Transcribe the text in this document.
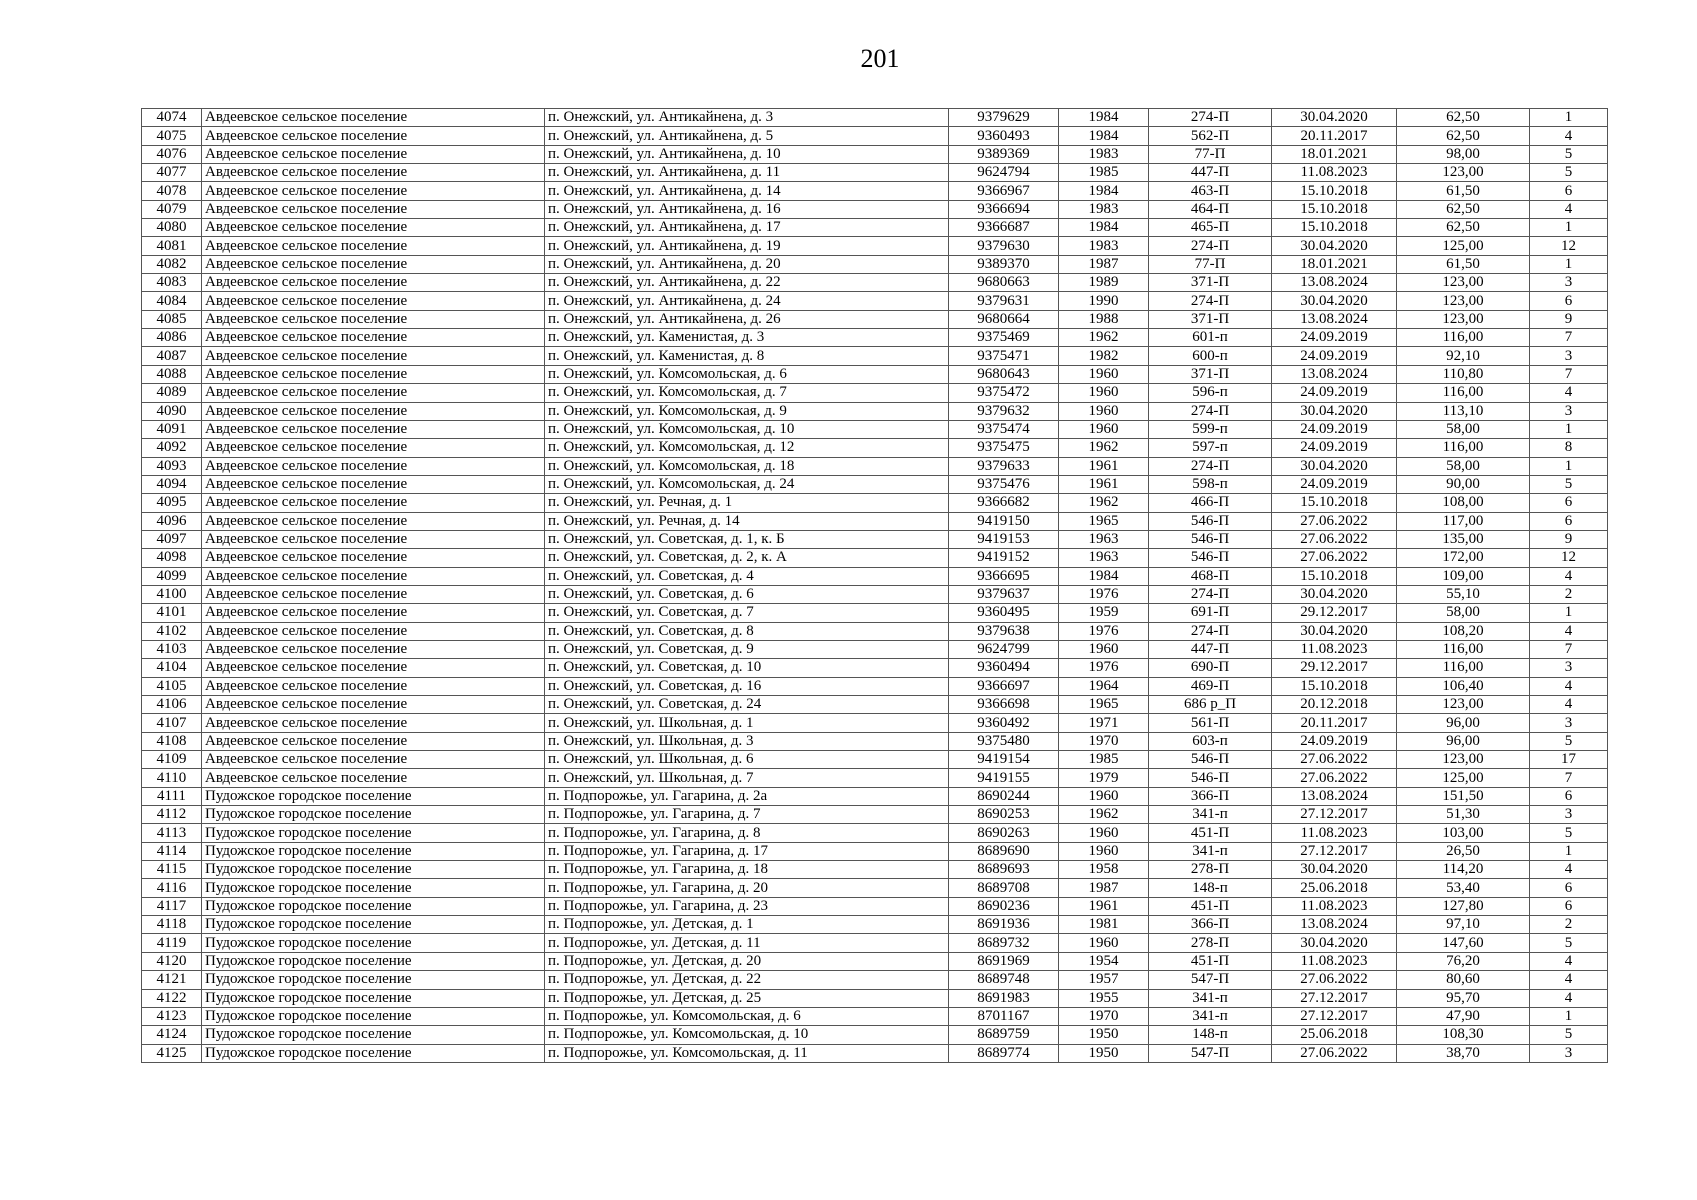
201
4074	Авдеевское сельское поселение	п. Онежский, ул. Антикайнена, д. 3	9379629	1984	274-П	30.04.2020	62,50	1
4075	Авдеевское сельское поселение	п. Онежский, ул. Антикайнена, д. 5	9360493	1984	562-П	20.11.2017	62,50	4
4076	Авдеевское сельское поселение	п. Онежский, ул. Антикайнена, д. 10	9389369	1983	77-П	18.01.2021	98,00	5
4077	Авдеевское сельское поселение	п. Онежский, ул. Антикайнена, д. 11	9624794	1985	447-П	11.08.2023	123,00	5
4078	Авдеевское сельское поселение	п. Онежский, ул. Антикайнена, д. 14	9366967	1984	463-П	15.10.2018	61,50	6
4079	Авдеевское сельское поселение	п. Онежский, ул. Антикайнена, д. 16	9366694	1983	464-П	15.10.2018	62,50	4
4080	Авдеевское сельское поселение	п. Онежский, ул. Антикайнена, д. 17	9366687	1984	465-П	15.10.2018	62,50	1
4081	Авдеевское сельское поселение	п. Онежский, ул. Антикайнена, д. 19	9379630	1983	274-П	30.04.2020	125,00	12
4082	Авдеевское сельское поселение	п. Онежский, ул. Антикайнена, д. 20	9389370	1987	77-П	18.01.2021	61,50	1
4083	Авдеевское сельское поселение	п. Онежский, ул. Антикайнена, д. 22	9680663	1989	371-П	13.08.2024	123,00	3
4084	Авдеевское сельское поселение	п. Онежский, ул. Антикайнена, д. 24	9379631	1990	274-П	30.04.2020	123,00	6
4085	Авдеевское сельское поселение	п. Онежский, ул. Антикайнена, д. 26	9680664	1988	371-П	13.08.2024	123,00	9
4086	Авдеевское сельское поселение	п. Онежский, ул. Каменистая, д. 3	9375469	1962	601-п	24.09.2019	116,00	7
4087	Авдеевское сельское поселение	п. Онежский, ул. Каменистая, д. 8	9375471	1982	600-п	24.09.2019	92,10	3
4088	Авдеевское сельское поселение	п. Онежский, ул. Комсомольская, д. 6	9680643	1960	371-П	13.08.2024	110,80	7
4089	Авдеевское сельское поселение	п. Онежский, ул. Комсомольская, д. 7	9375472	1960	596-п	24.09.2019	116,00	4
4090	Авдеевское сельское поселение	п. Онежский, ул. Комсомольская, д. 9	9379632	1960	274-П	30.04.2020	113,10	3
4091	Авдеевское сельское поселение	п. Онежский, ул. Комсомольская, д. 10	9375474	1960	599-п	24.09.2019	58,00	1
4092	Авдеевское сельское поселение	п. Онежский, ул. Комсомольская, д. 12	9375475	1962	597-п	24.09.2019	116,00	8
4093	Авдеевское сельское поселение	п. Онежский, ул. Комсомольская, д. 18	9379633	1961	274-П	30.04.2020	58,00	1
4094	Авдеевское сельское поселение	п. Онежский, ул. Комсомольская, д. 24	9375476	1961	598-п	24.09.2019	90,00	5
4095	Авдеевское сельское поселение	п. Онежский, ул. Речная, д. 1	9366682	1962	466-П	15.10.2018	108,00	6
4096	Авдеевское сельское поселение	п. Онежский, ул. Речная, д. 14	9419150	1965	546-П	27.06.2022	117,00	6
4097	Авдеевское сельское поселение	п. Онежский, ул. Советская, д. 1, к. Б	9419153	1963	546-П	27.06.2022	135,00	9
4098	Авдеевское сельское поселение	п. Онежский, ул. Советская, д. 2, к. А	9419152	1963	546-П	27.06.2022	172,00	12
4099	Авдеевское сельское поселение	п. Онежский, ул. Советская, д. 4	9366695	1984	468-П	15.10.2018	109,00	4
4100	Авдеевское сельское поселение	п. Онежский, ул. Советская, д. 6	9379637	1976	274-П	30.04.2020	55,10	2
4101	Авдеевское сельское поселение	п. Онежский, ул. Советская, д. 7	9360495	1959	691-П	29.12.2017	58,00	1
4102	Авдеевское сельское поселение	п. Онежский, ул. Советская, д. 8	9379638	1976	274-П	30.04.2020	108,20	4
4103	Авдеевское сельское поселение	п. Онежский, ул. Советская, д. 9	9624799	1960	447-П	11.08.2023	116,00	7
4104	Авдеевское сельское поселение	п. Онежский, ул. Советская, д. 10	9360494	1976	690-П	29.12.2017	116,00	3
4105	Авдеевское сельское поселение	п. Онежский, ул. Советская, д. 16	9366697	1964	469-П	15.10.2018	106,40	4
4106	Авдеевское сельское поселение	п. Онежский, ул. Советская, д. 24	9366698	1965	686 р_П	20.12.2018	123,00	4
4107	Авдеевское сельское поселение	п. Онежский, ул. Школьная, д. 1	9360492	1971	561-П	20.11.2017	96,00	3
4108	Авдеевское сельское поселение	п. Онежский, ул. Школьная, д. 3	9375480	1970	603-п	24.09.2019	96,00	5
4109	Авдеевское сельское поселение	п. Онежский, ул. Школьная, д. 6	9419154	1985	546-П	27.06.2022	123,00	17
4110	Авдеевское сельское поселение	п. Онежский, ул. Школьная, д. 7	9419155	1979	546-П	27.06.2022	125,00	7
4111	Пудожское городское поселение	п. Подпорожье, ул. Гагарина, д. 2а	8690244	1960	366-П	13.08.2024	151,50	6
4112	Пудожское городское поселение	п. Подпорожье, ул. Гагарина, д. 7	8690253	1962	341-п	27.12.2017	51,30	3
4113	Пудожское городское поселение	п. Подпорожье, ул. Гагарина, д. 8	8690263	1960	451-П	11.08.2023	103,00	5
4114	Пудожское городское поселение	п. Подпорожье, ул. Гагарина, д. 17	8689690	1960	341-п	27.12.2017	26,50	1
4115	Пудожское городское поселение	п. Подпорожье, ул. Гагарина, д. 18	8689693	1958	278-П	30.04.2020	114,20	4
4116	Пудожское городское поселение	п. Подпорожье, ул. Гагарина, д. 20	8689708	1987	148-п	25.06.2018	53,40	6
4117	Пудожское городское поселение	п. Подпорожье, ул. Гагарина, д. 23	8690236	1961	451-П	11.08.2023	127,80	6
4118	Пудожское городское поселение	п. Подпорожье, ул. Детская, д. 1	8691936	1981	366-П	13.08.2024	97,10	2
4119	Пудожское городское поселение	п. Подпорожье, ул. Детская, д. 11	8689732	1960	278-П	30.04.2020	147,60	5
4120	Пудожское городское поселение	п. Подпорожье, ул. Детская, д. 20	8691969	1954	451-П	11.08.2023	76,20	4
4121	Пудожское городское поселение	п. Подпорожье, ул. Детская, д. 22	8689748	1957	547-П	27.06.2022	80,60	4
4122	Пудожское городское поселение	п. Подпорожье, ул. Детская, д. 25	8691983	1955	341-п	27.12.2017	95,70	4
4123	Пудожское городское поселение	п. Подпорожье, ул. Комсомольская, д. 6	8701167	1970	341-п	27.12.2017	47,90	1
4124	Пудожское городское поселение	п. Подпорожье, ул. Комсомольская, д. 10	8689759	1950	148-п	25.06.2018	108,30	5
4125	Пудожское городское поселение	п. Подпорожье, ул. Комсомольская, д. 11	8689774	1950	547-П	27.06.2022	38,70	3
